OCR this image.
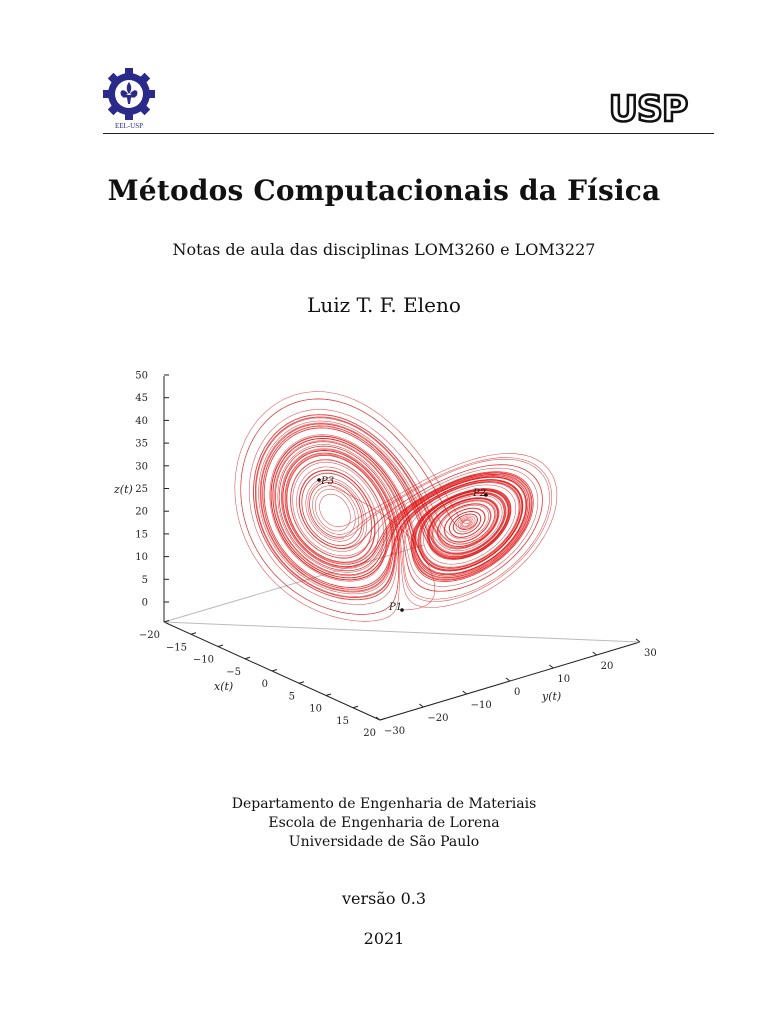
EEL-USP	USP
Métodos Computacionais da Física
Notas de aula das disciplinas LOM3260 e LOM3227
Luiz T. F. Eleno
0
5
10
15
20
25
30
35
40
45
50
−20
−15
−10
−5
0
5
10
15
20 −30
−20
−10
0
10
20
30
z(t)
x(t)
y(t)
P1
P2
P3
Departamento de Engenharia de Materiais
Escola de Engenharia de Lorena
Universidade de São Paulo
versão 0.3
2021
